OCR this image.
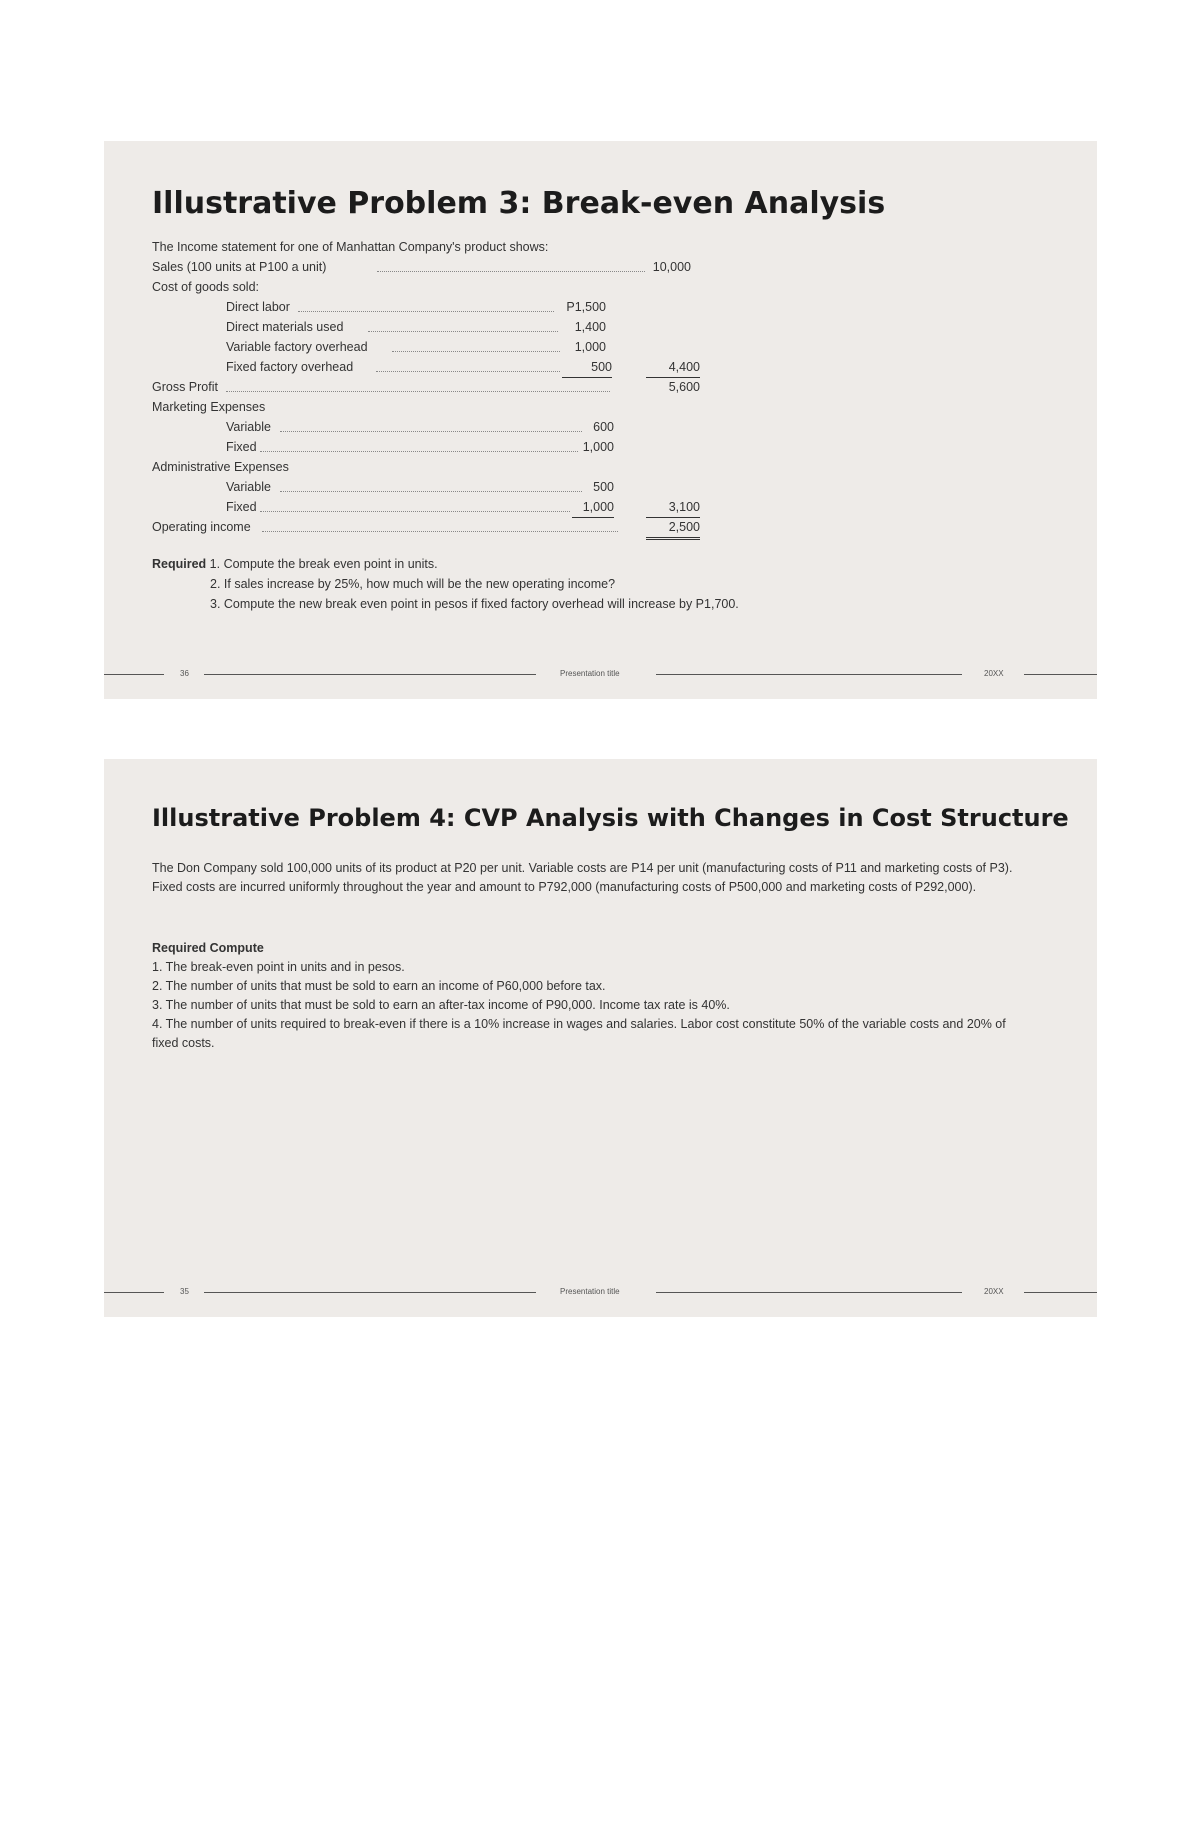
Illustrative Problem 3: Break-even Analysis
The Income statement for one of Manhattan Company's product shows:
Sales (100 units at P100 a unit)	10,000
Cost of goods sold:
Direct labor	P1,500
Direct materials used	1,400
Variable factory overhead	1,000
Fixed factory overhead	500	4,400
Gross Profit	5,600
Marketing Expenses
Variable	600
Fixed	1,000
Administrative Expenses
Variable	500
Fixed	1,000	3,100
Operating income	2,500
Required 1. Compute the break even point in units.
2. If sales increase by 25%, how much will be the new operating income?
3. Compute the new break even point in pesos if fixed factory overhead will increase by P1,700.
36	Presentation title	20XX
Illustrative Problem 4: CVP Analysis with Changes in Cost Structure

The Don Company sold 100,000 units of its product at P20 per unit. Variable costs are P14 per unit (manufacturing costs of P11 and marketing costs of P3). Fixed costs are incurred uniformly throughout the year and amount to P792,000 (manufacturing costs of P500,000 and marketing costs of P292,000).

Required Compute
1. The break-even point in units and in pesos.
2. The number of units that must be sold to earn an income of P60,000 before tax.
3. The number of units that must be sold to earn an after-tax income of P90,000. Income tax rate is 40%.
4. The number of units required to break-even if there is a 10% increase in wages and salaries. Labor cost constitute 50% of the variable costs and 20% of fixed costs.
35	Presentation title	20XX
